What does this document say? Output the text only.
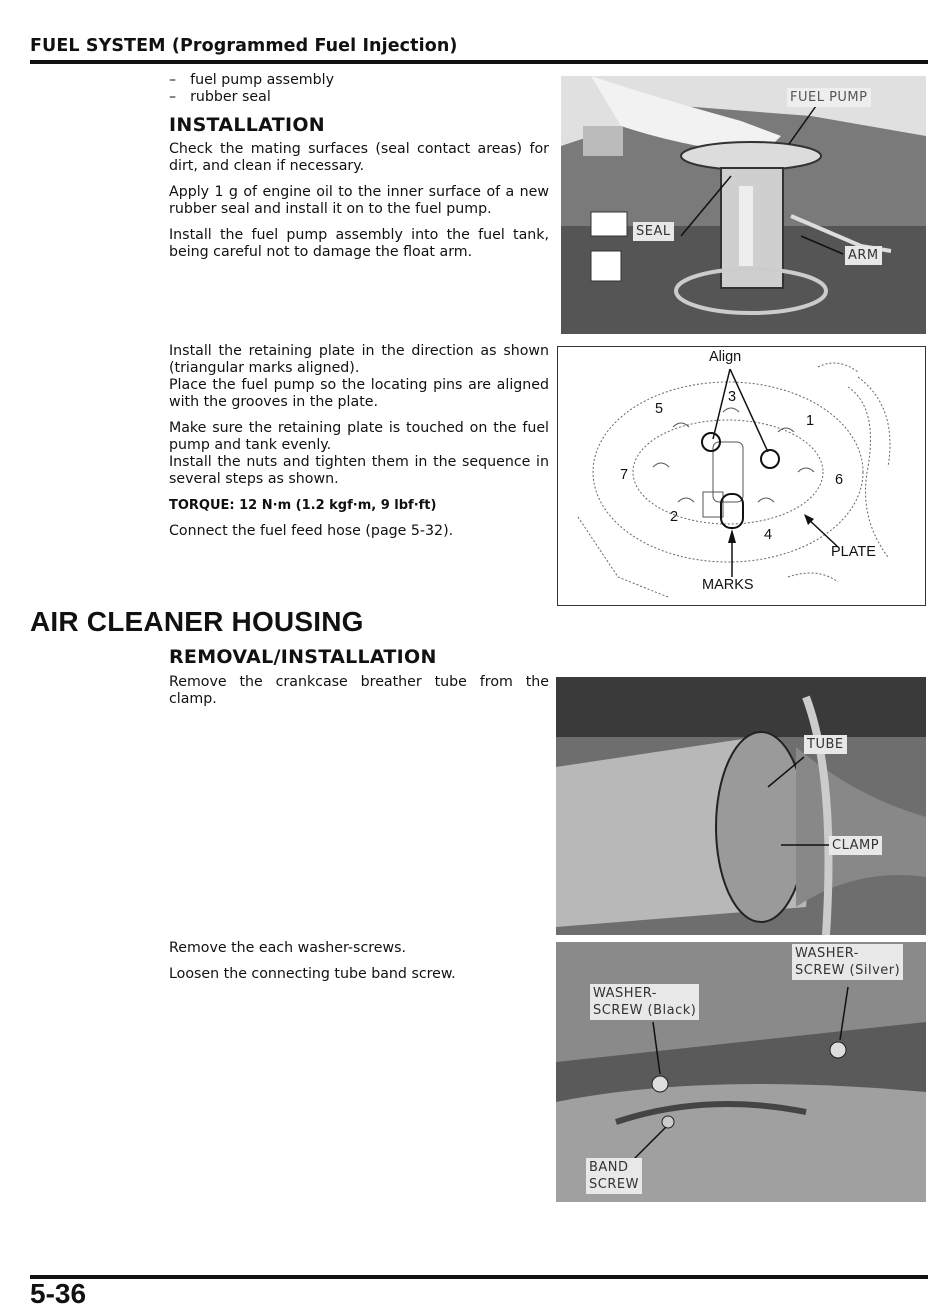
FUEL SYSTEM (Programmed Fuel Injection)
– fuel pump assembly
– rubber seal
INSTALLATION

Check the mating surfaces (seal contact areas) for dirt, and clean if necessary.

Apply 1 g of engine oil to the inner surface of a new rubber seal and install it on to the fuel pump.

Install the fuel pump assembly into the fuel tank, being careful not to damage the float arm.

FUEL PUMP
SEAL
ARM

Install the retaining plate in the direction as shown (triangular marks aligned).

Place the fuel pump so the locating pins are aligned with the grooves in the plate.

Make sure the retaining plate is touched on the fuel pump and tank evenly.

Install the nuts and tighten them in the sequence in several steps as shown.

TORQUE: 12 N·m (1.2 kgf·m, 9 lbf·ft)

Connect the fuel feed hose (page 5-32).

Align
3
5
1
7	6
2
4
PLATE
MARKS
AIR CLEANER HOUSING
REMOVAL/INSTALLATION

Remove the crankcase breather tube from the clamp.

TUBE
CLAMP

Remove the each washer-screws.

Loosen the connecting tube band screw.

WASHER-
SCREW (Silver)
WASHER-
SCREW (Black)
BAND
SCREW
5-36
